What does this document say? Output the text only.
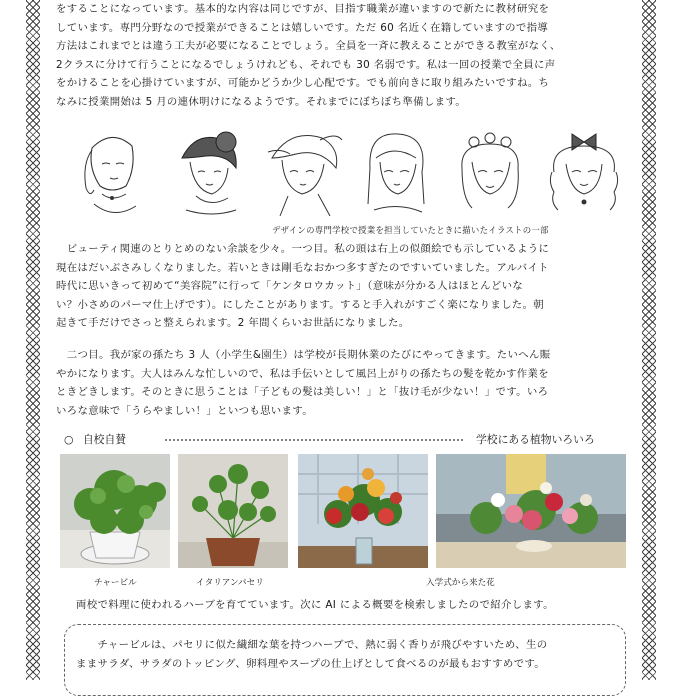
をすることになっています。基本的な内容は同じですが、目指す職業が違いますので新たに教材研究を
しています。専門分野なので授業ができることは嬉しいです。ただ 60 名近く在籍していますので指導
方法はこれまでとは違う工夫が必要になることでしょう。全員を一斉に教えることができる教室がなく、
2クラスに分けて行うことになるでしょうけれども、それでも 30 名弱です。私は一回の授業で全員に声
をかけることを心掛けていますが、可能かどうか少し心配です。でも前向きに取り組みたいですね。ち
なみに授業開始は 5 月の連休明けになるようです。それまでにぼちぼち準備します。

デザインの専門学校で授業を担当していたときに描いたイラストの一部

　ビューティ関連のとりとめのない余談を少々。一つ目。私の頭は右上の似顔絵でも示しているように
現在はだいぶさみしくなりました。若いときは剛毛なおかつ多すぎたのですいていました。アルバイト
時代に思いきって初めて“美容院”に行って「ケンタロウカット」（意味が分かる人はほとんどいな
い？小さめのパーマ仕上げです）。にしたことがあります。すると手入れがすごく楽になりました。朝
起きて手だけでさっと整えられます。2 年間くらいお世話になりました。

　二つ目。我が家の孫たち 3 人（小学生&園生）は学校が長期休業のたびにやってきます。たいへん賑
やかになります。大人はみんな忙しいので、私は手伝いとして風呂上がりの孫たちの髪を乾かす作業を
ときどきします。そのときに思うことは「子どもの髪は美しい！」と「抜け毛が少ない！」です。いろ
いろな意味で「うらやましい！」といつも思います。

○ 自校自賛	学校にある植物いろいろ
チャービル	イタリアンパセリ	入学式から来た花
両校で料理に使われるハーブを育てています。次に AI による概要を検索しましたので紹介します。

　　チャービルは、パセリに似た繊細な葉を持つハーブで、熱に弱く香りが飛びやすいため、生の
ままサラダ、サラダのトッピング、卵料理やスープの仕上げとして食べるのが最もおすすめです。
